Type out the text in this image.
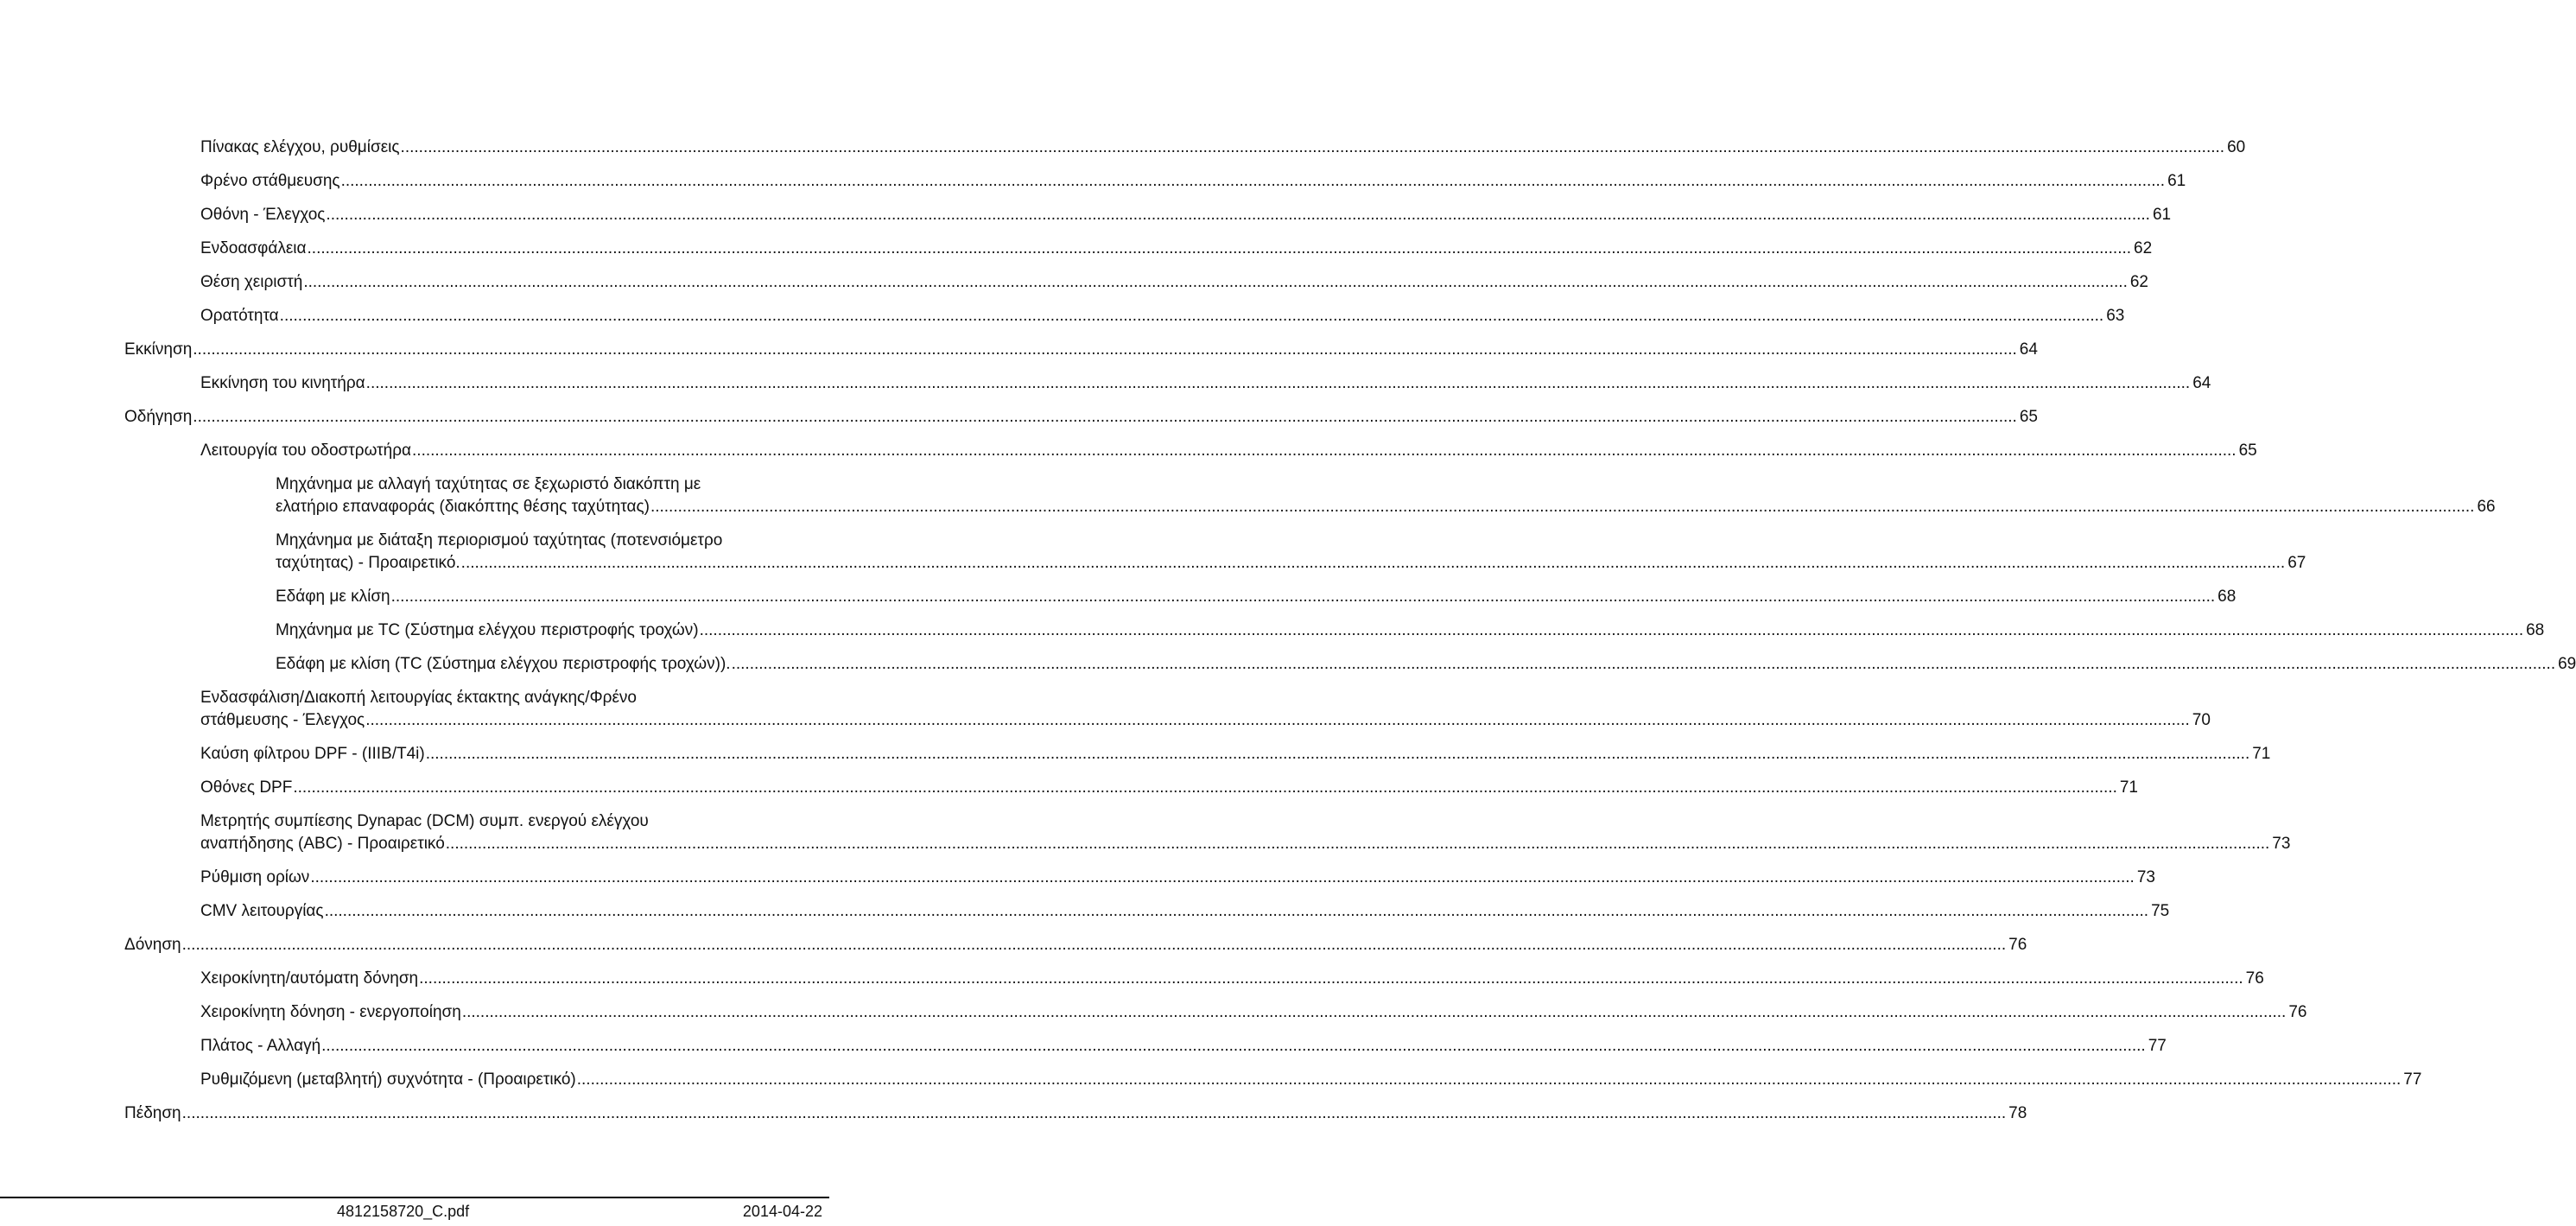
Πίνακας ελέγχου, ρυθμίσεις ................................................................................................................................................................................................................................................................................................................................................................................................................ 60
Φρένο στάθμευσης ................................................................................................................................................................................................................................................................................................................................................................................................................ 61
Οθόνη - Έλεγχος ................................................................................................................................................................................................................................................................................................................................................................................................................ 61
Ενδοασφάλεια ................................................................................................................................................................................................................................................................................................................................................................................................................ 62
Θέση χειριστή ................................................................................................................................................................................................................................................................................................................................................................................................................ 62
Ορατότητα ................................................................................................................................................................................................................................................................................................................................................................................................................ 63
Εκκίνηση ................................................................................................................................................................................................................................................................................................................................................................................................................ 64
Εκκίνηση του κινητήρα ................................................................................................................................................................................................................................................................................................................................................................................................................ 64
Οδήγηση ................................................................................................................................................................................................................................................................................................................................................................................................................ 65
Λειτουργία του οδοστρωτήρα ................................................................................................................................................................................................................................................................................................................................................................................................................ 65
Μηχάνημα με αλλαγή ταχύτητας σε ξεχωριστό διακόπτη με
ελατήριο επαναφοράς (διακόπτης θέσης ταχύτητας) ................................................................................................................................................................................................................................................................................................................................................................................................................ 66
Μηχάνημα με διάταξη περιορισμού ταχύτητας (ποτενσιόμετρο
ταχύτητας) - Προαιρετικό. ................................................................................................................................................................................................................................................................................................................................................................................................................ 67
Εδάφη με κλίση ................................................................................................................................................................................................................................................................................................................................................................................................................ 68
Μηχάνημα με TC (Σύστημα ελέγχου περιστροφής τροχών) ................................................................................................................................................................................................................................................................................................................................................................................................................ 68
Εδάφη με κλίση (TC (Σύστημα ελέγχου περιστροφής τροχών)). ................................................................................................................................................................................................................................................................................................................................................................................................................ 69
Ενδασφάλιση/Διακοπή λειτουργίας έκτακτης ανάγκης/Φρένο
στάθμευσης - Έλεγχος ................................................................................................................................................................................................................................................................................................................................................................................................................ 70
Καύση φίλτρου DPF - (IIIB/T4i) ................................................................................................................................................................................................................................................................................................................................................................................................................ 71
Οθόνες DPF ................................................................................................................................................................................................................................................................................................................................................................................................................ 71
Μετρητής συμπίεσης Dynapac (DCM) συμπ. ενεργού ελέγχου
αναπήδησης (ABC) - Προαιρετικό ................................................................................................................................................................................................................................................................................................................................................................................................................ 73
Ρύθμιση ορίων ................................................................................................................................................................................................................................................................................................................................................................................................................ 73
CMV λειτουργίας ................................................................................................................................................................................................................................................................................................................................................................................................................ 75
Δόνηση ................................................................................................................................................................................................................................................................................................................................................................................................................ 76
Χειροκίνητη/αυτόματη δόνηση ................................................................................................................................................................................................................................................................................................................................................................................................................ 76
Χειροκίνητη δόνηση - ενεργοποίηση ................................................................................................................................................................................................................................................................................................................................................................................................................ 76
Πλάτος - Αλλαγή ................................................................................................................................................................................................................................................................................................................................................................................................................ 77
Ρυθμιζόμενη (μεταβλητή) συχνότητα - (Προαιρετικό) ................................................................................................................................................................................................................................................................................................................................................................................................................ 77
Πέδηση ................................................................................................................................................................................................................................................................................................................................................................................................................ 78
4812158720_C.pdf	2014-04-22
